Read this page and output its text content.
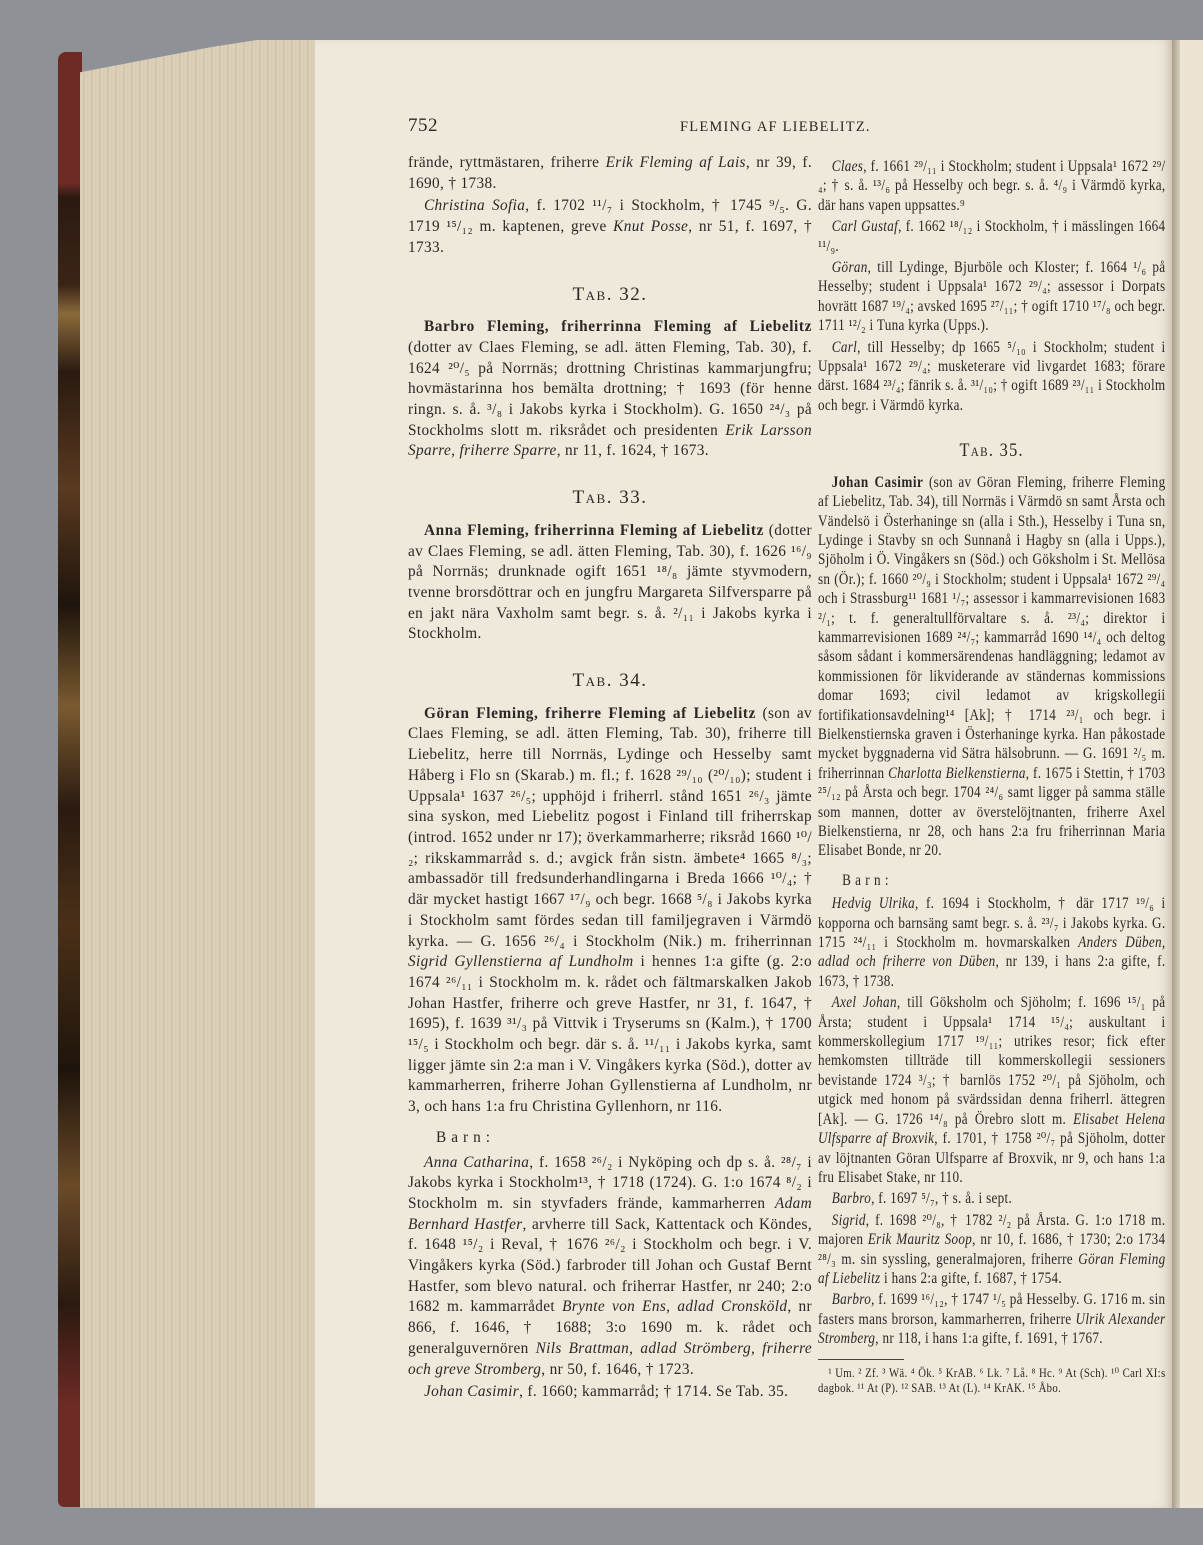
752	FLEMING AF LIEBELITZ.
frände, ryttmästaren, friherre Erik Fleming af Lais, nr 39, f. 1690, † 1738.
Christina Sofia, f. 1702 ¹¹/₇ i Stockholm, † 1745 ⁹/₅. G. 1719 ¹⁵/₁₂ m. kaptenen, greve Knut Posse, nr 51, f. 1697, † 1733.
Tab. 32.
Barbro Fleming, friherrinna Fleming af Liebelitz (dotter av Claes Fleming, se adl. ätten Fleming, Tab. 30), f. 1624 ²⁰/₅ på Norrnäs; drottning Christinas kammarjungfru; hovmästarinna hos bemälta drottning; † 1693 (för henne ringn. s. å. ³/₈ i Jakobs kyrka i Stockholm). G. 1650 ²⁴/₃ på Stockholms slott m. riksrådet och presidenten Erik Larsson Sparre, friherre Sparre, nr 11, f. 1624, † 1673.
Tab. 33.
Anna Fleming, friherrinna Fleming af Liebelitz (dotter av Claes Fleming, se adl. ätten Fleming, Tab. 30), f. 1626 ¹⁶/₉ på Norrnäs; drunknade ogift 1651 ¹⁸/₈ jämte styvmodern, tvenne brorsdöttrar och en jungfru Margareta Silfversparre på en jakt nära Vaxholm samt begr. s. å. ²/₁₁ i Jakobs kyrka i Stockholm.
Tab. 34.
Göran Fleming, friherre Fleming af Liebelitz (son av Claes Fleming, se adl. ätten Fleming, Tab. 30), friherre till Liebelitz, herre till Norrnäs, Lydinge och Hesselby samt Håberg i Flo sn (Skarab.) m. fl.; f. 1628 ²⁹/₁₀ (²⁰/₁₀); student i Uppsala¹ 1637 ²⁶/₅; upphöjd i friherrl. stånd 1651 ²⁶/₃ jämte sina syskon, med Liebelitz pogost i Finland till friherrskap (introd. 1652 under nr 17); överkammarherre; riksråd 1660 ¹⁰/₂; rikskammarråd s. d.; avgick från sistn. ämbete⁴ 1665 ⁸/₃; ambassadör till fredsunderhandlingarna i Breda 1666 ¹⁰/₄; † där mycket hastigt 1667 ¹⁷/₉ och begr. 1668 ⁵/₈ i Jakobs kyrka i Stockholm samt fördes sedan till familjegraven i Värmdö kyrka. — G. 1656 ²⁶/₄ i Stockholm (Nik.) m. friherrinnan Sigrid Gyllenstierna af Lundholm i hennes 1:a gifte (g. 2:o 1674 ²⁶/₁₁ i Stockholm m. k. rådet och fältmarskalken Jakob Johan Hastfer, friherre och greve Hastfer, nr 31, f. 1647, † 1695), f. 1639 ³¹/₃ på Vittvik i Tryserums sn (Kalm.), † 1700 ¹⁵/₅ i Stockholm och begr. där s. å. ¹¹/₁₁ i Jakobs kyrka, samt ligger jämte sin 2:a man i V. Vingåkers kyrka (Söd.), dotter av kammarherren, friherre Johan Gyllenstierna af Lundholm, nr 3, och hans 1:a fru Christina Gyllenhorn, nr 116.
Barn:
Anna Catharina, f. 1658 ²⁶/₂ i Nyköping och dp s. å. ²⁸/₇ i Jakobs kyrka i Stockholm¹³, † 1718 (1724). G. 1:o 1674 ⁸/₂ i Stockholm m. sin styvfaders frände, kammarherren Adam Bernhard Hastfer, arvherre till Sack, Kattentack och Köndes, f. 1648 ¹⁵/₂ i Reval, † 1676 ²⁶/₂ i Stockholm och begr. i V. Vingåkers kyrka (Söd.) farbroder till Johan och Gustaf Bernt Hastfer, som blevo natural. och friherrar Hastfer, nr 240; 2:o 1682 m. kammarrådet Brynte von Ens, adlad Cronsköld, nr 866, f. 1646, † 1688; 3:o 1690 m. k. rådet och generalguvernören Nils Brattman, adlad Strömberg, friherre och greve Stromberg, nr 50, f. 1646, † 1723.
Johan Casimir, f. 1660; kammarråd; † 1714. Se Tab. 35.
Claes, f. 1661 ²⁹/₁₁ i Stockholm; student i Uppsala¹ 1672 ²⁹/₄; † s. å. ¹³/₆ på Hesselby och begr. s. å. ⁴/₉ i Värmdö kyrka, där hans vapen uppsattes.⁹
Carl Gustaf, f. 1662 ¹⁸/₁₂ i Stockholm, † i mässlingen 1664 ¹¹/₉.
Göran, till Lydinge, Bjurböle och Kloster; f. 1664 ¹/₆ på Hesselby; student i Uppsala¹ 1672 ²⁹/₄; assessor i Dorpats hovrätt 1687 ¹⁹/₄; avsked 1695 ²⁷/₁₁; † ogift 1710 ¹⁷/₈ och begr. 1711 ¹²/₂ i Tuna kyrka (Upps.).
Carl, till Hesselby; dp 1665 ⁵/₁₀ i Stockholm; student i Uppsala¹ 1672 ²⁹/₄; musketerare vid livgardet 1683; förare därst. 1684 ²³/₄; fänrik s. å. ³¹/₁₀; † ogift 1689 ²³/₁₁ i Stockholm och begr. i Värmdö kyrka.
Tab. 35.
Johan Casimir (son av Göran Fleming, friherre Fleming af Liebelitz, Tab. 34), till Norrnäs i Värmdö sn samt Årsta och Vändelsö i Österhaninge sn (alla i Sth.), Hesselby i Tuna sn, Lydinge i Stavby sn och Sunnanå i Hagby sn (alla i Upps.), Sjöholm i Ö. Vingåkers sn (Söd.) och Göksholm i St. Mellösa sn (Ör.); f. 1660 ²⁰/₉ i Stockholm; student i Uppsala¹ 1672 ²⁹/₄ och i Strassburg¹¹ 1681 ¹/₇; assessor i kammarrevisionen 1683 ²/₁; t. f. generaltullförvaltare s. å. ²³/₄; direktor i kammarrevisionen 1689 ²⁴/₇; kammarråd 1690 ¹⁴/₄ och deltog såsom sådant i kommersärendenas handläggning; ledamot av kommissionen för likviderande av ständernas kommissions domar 1693; civil ledamot av krigskollegii fortifikationsavdelning¹⁴ [Ak]; † 1714 ²³/₁ och begr. i Bielkenstiernska graven i Österhaninge kyrka. Han påkostade mycket byggnaderna vid Sätra hälsobrunn. — G. 1691 ²/₅ m. friherrinnan Charlotta Bielkenstierna, f. 1675 i Stettin, † 1703 ²⁵/₁₂ på Årsta och begr. 1704 ²⁴/₆ samt ligger på samma ställe som mannen, dotter av överstelöjtnanten, friherre Axel Bielkenstierna, nr 28, och hans 2:a fru friherrinnan Maria Elisabet Bonde, nr 20.
Barn:
Hedvig Ulrika, f. 1694 i Stockholm, † där 1717 ¹⁹/₆ i kopporna och barnsäng samt begr. s. å. ²³/₇ i Jakobs kyrka. G. 1715 ²⁴/₁₁ i Stockholm m. hovmarskalken Anders Düben, adlad och friherre von Düben, nr 139, i hans 2:a gifte, f. 1673, † 1738.
Axel Johan, till Göksholm och Sjöholm; f. 1696 ¹⁵/₁ på Årsta; student i Uppsala¹ 1714 ¹⁵/₄; auskultant i kommerskollegium 1717 ¹⁹/₁₁; utrikes resor; fick efter hemkomsten tillträde till kommerskollegii sessioners bevistande 1724 ³/₃; † barnlös 1752 ²⁰/₁ på Sjöholm, och utgick med honom på svärdssidan denna friherrl. ättegren [Ak]. — G. 1726 ¹⁴/₈ på Örebro slott m. Elisabet Helena Ulfsparre af Broxvik, f. 1701, † 1758 ²⁰/₇ på Sjöholm, dotter av löjtnanten Göran Ulfsparre af Broxvik, nr 9, och hans 1:a fru Elisabet Stake, nr 110.
Barbro, f. 1697 ⁵/₇, † s. å. i sept.
Sigrid, f. 1698 ²⁰/₈, † 1782 ²/₂ på Årsta. G. 1:o 1718 m. majoren Erik Mauritz Soop, nr 10, f. 1686, † 1730; 2:o 1734 ²⁸/₃ m. sin syssling, generalmajoren, friherre Göran Fleming af Liebelitz i hans 2:a gifte, f. 1687, † 1754.
Barbro, f. 1699 ¹⁶/₁₂, † 1747 ¹/₅ på Hesselby. G. 1716 m. sin fasters mans brorson, kammarherren, friherre Ulrik Alexander Stromberg, nr 118, i hans 1:a gifte, f. 1691, † 1767.
¹ Um. ² Zf. ³ Wä. ⁴ Ök. ⁵ KrAB. ⁶ Lk. ⁷ Lå. ⁸ Hc. ⁹ At (Sch). ¹⁰ Carl XI:s dagbok. ¹¹ At (P). ¹² SAB. ¹³ At (L). ¹⁴ KrAK. ¹⁵ Åbo.
